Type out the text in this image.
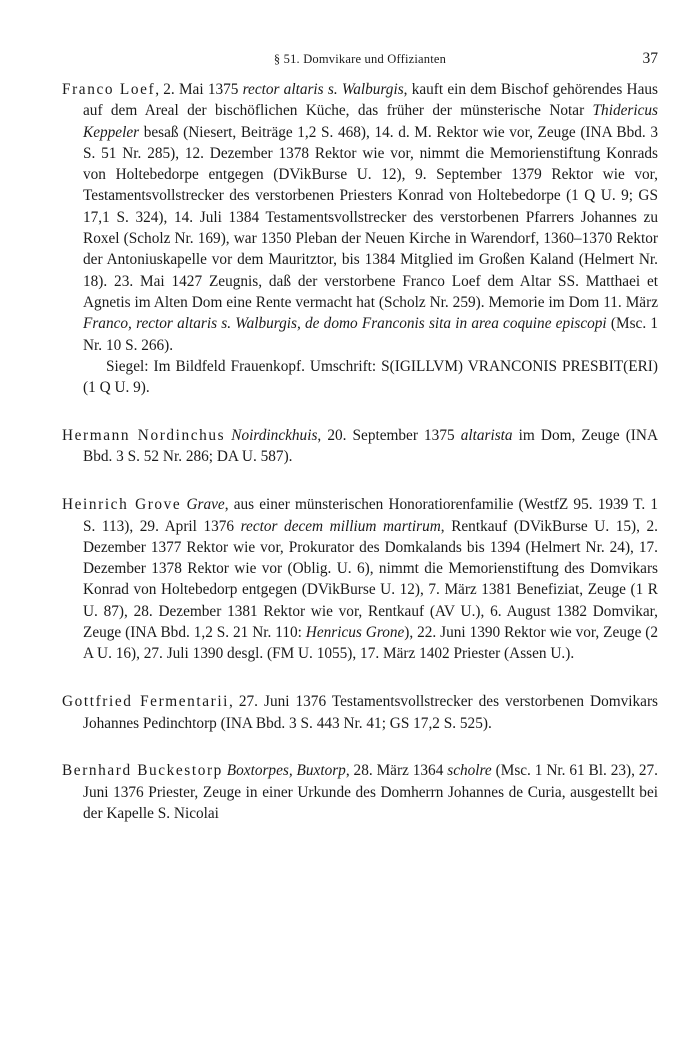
§ 51. Domvikare und Offizianten	37

Franco Loef, 2. Mai 1375 rector altaris s. Walburgis, kauft ein dem Bischof gehörendes Haus auf dem Areal der bischöflichen Küche, das früher der münsterische Notar Thidericus Keppeler besaß (Niesert, Beiträge 1,2 S. 468), 14. d. M. Rektor wie vor, Zeuge (INA Bbd. 3 S. 51 Nr. 285), 12. Dezember 1378 Rektor wie vor, nimmt die Memorienstiftung Konrads von Holtebedorpe entgegen (DVikBurse U. 12), 9. September 1379 Rektor wie vor, Testamentsvollstrecker des verstorbenen Priesters Konrad von Holtebedorpe (1 Q U. 9; GS 17,1 S. 324), 14. Juli 1384 Testamentsvollstrecker des verstorbenen Pfarrers Johannes zu Roxel (Scholz Nr. 169), war 1350 Pleban der Neuen Kirche in Warendorf, 1360–1370 Rektor der Antoniuskapelle vor dem Mauritztor, bis 1384 Mitglied im Großen Kaland (Helmert Nr. 18). 23. Mai 1427 Zeugnis, daß der verstorbene Franco Loef dem Altar SS. Matthaei et Agnetis im Alten Dom eine Rente vermacht hat (Scholz Nr. 259). Memorie im Dom 11. März Franco, rector altaris s. Walburgis, de domo Franconis sita in area coquine episcopi (Msc. 1 Nr. 10 S. 266).

Siegel: Im Bildfeld Frauenkopf. Umschrift: S(IGILLVM) VRANCONIS PRESBIT(ERI) (1 Q U. 9).

Hermann Nordinchus Noirdinckhuis, 20. September 1375 altarista im Dom, Zeuge (INA Bbd. 3 S. 52 Nr. 286; DA U. 587).

Heinrich Grove Grave, aus einer münsterischen Honoratiorenfamilie (WestfZ 95. 1939 T. 1 S. 113), 29. April 1376 rector decem millium martirum, Rentkauf (DVikBurse U. 15), 2. Dezember 1377 Rektor wie vor, Prokurator des Domkalands bis 1394 (Helmert Nr. 24), 17. Dezember 1378 Rektor wie vor (Oblig. U. 6), nimmt die Memorienstiftung des Domvikars Konrad von Holtebedorp entgegen (DVikBurse U. 12), 7. März 1381 Benefiziat, Zeuge (1 R U. 87), 28. Dezember 1381 Rektor wie vor, Rentkauf (AV U.), 6. August 1382 Domvikar, Zeuge (INA Bbd. 1,2 S. 21 Nr. 110: Henricus Grone), 22. Juni 1390 Rektor wie vor, Zeuge (2 A U. 16), 27. Juli 1390 desgl. (FM U. 1055), 17. März 1402 Priester (Assen U.).

Gottfried Fermentarii, 27. Juni 1376 Testamentsvollstrecker des verstorbenen Domvikars Johannes Pedinchtorp (INA Bbd. 3 S. 443 Nr. 41; GS 17,2 S. 525).

Bernhard Buckestorp Boxtorpes, Buxtorp, 28. März 1364 scholre (Msc. 1 Nr. 61 Bl. 23), 27. Juni 1376 Priester, Zeuge in einer Urkunde des Domherrn Johannes de Curia, ausgestellt bei der Kapelle S. Nicolai
